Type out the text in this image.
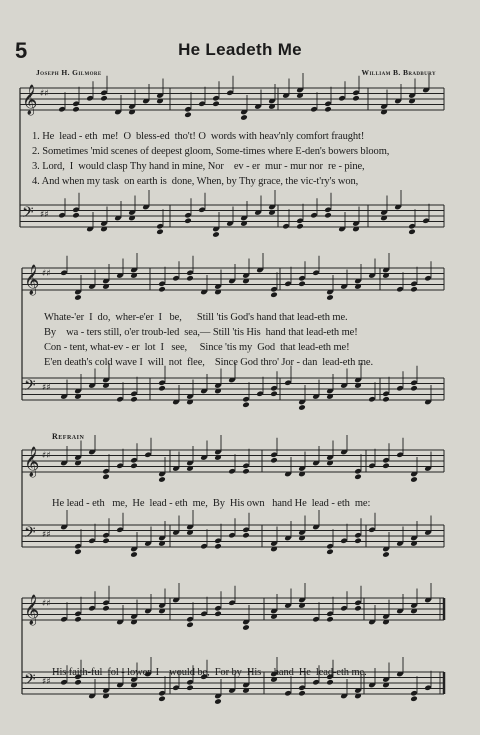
5	He Leadeth Me
Joseph H. Gilmore	William B. Bradbury
Refrain
𝄞 ♯♯
𝄢 ♯♯
𝄞 ♯♯
𝄢 ♯♯
𝄞 ♯♯
𝄢 ♯♯
𝄞 ♯♯
𝄢 ♯♯
1. He  lead - eth  me!  O  bless-ed  tho't! O  words with heav'nly comfort fraught!
2. Sometimes 'mid scenes of deepest gloom, Some-times where E-den's bowers bloom,
3. Lord,  I  would clasp Thy hand in mine, Nor    ev - er  mur - mur nor  re - pine,
4. And when my task  on earth is  done, When, by Thy grace, the vic-t'ry's won,
Whate-'er  I  do,  wher-e'er  I   be,      Still 'tis God's hand that lead-eth me.
By    wa - ters still, o'er troub-led  sea,— Still 'tis His  hand that lead-eth me!
Con - tent, what-ev - er  lot  I   see,     Since 'tis my  God  that lead-eth me!
E'en death's cold wave I  will  not  flee,    Since God thro' Jor - dan  lead-eth me.
He lead - eth   me,  He  lead - eth  me,  By  His own   hand He  lead - eth  me:
His faith-ful  fol - lower  I    would be,  For by  His     hand  He  lead-eth me.
